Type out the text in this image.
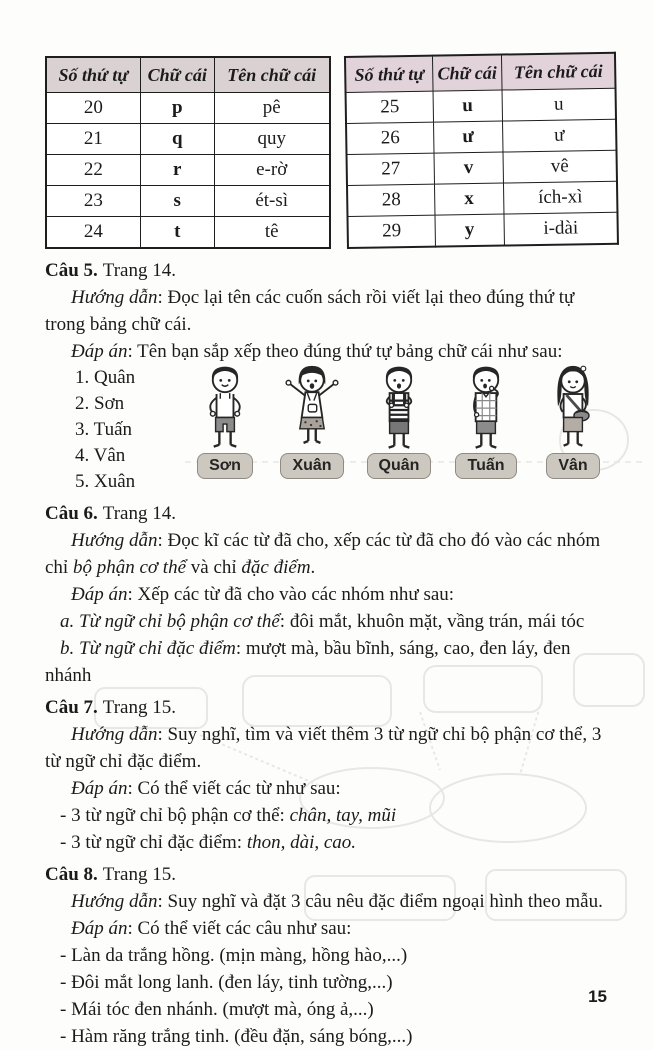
Số thứ tự	Chữ cái	Tên chữ cái
20	p	pê
21	q	quy
22	r	e-rờ
23	s	ét-sì
24	t	tê
Số thứ tự	Chữ cái	Tên chữ cái
25	u	u
26	ư	ư
27	v	vê
28	x	ích-xì
29	y	i-dài

Câu 5. Trang 14.

Hướng dẫn: Đọc lại tên các cuốn sách rồi viết lại theo đúng thứ tự trong bảng chữ cái.

Đáp án: Tên bạn sắp xếp theo đúng thứ tự bảng chữ cái như sau:

1. Quân
2. Sơn
3. Tuấn
4. Vân
5. Xuân
Sơn	Xuân	Quân	Tuấn	Vân

Câu 6. Trang 14.

Hướng dẫn: Đọc kĩ các từ đã cho, xếp các từ đã cho đó vào các nhóm chỉ bộ phận cơ thể và chỉ đặc điểm.

Đáp án: Xếp các từ đã cho vào các nhóm như sau:

a. Từ ngữ chỉ bộ phận cơ thể: đôi mắt, khuôn mặt, vầng trán, mái tóc

b. Từ ngữ chỉ đặc điểm: mượt mà, bầu bĩnh, sáng, cao, đen láy, đen nhánh

Câu 7. Trang 15.

Hướng dẫn: Suy nghĩ, tìm và viết thêm 3 từ ngữ chỉ bộ phận cơ thể, 3 từ ngữ chỉ đặc điểm.

Đáp án: Có thể viết các từ như sau:

- 3 từ ngữ chỉ bộ phận cơ thể: chân, tay, mũi

- 3 từ ngữ chỉ đặc điểm: thon, dài, cao.

Câu 8. Trang 15.

Hướng dẫn: Suy nghĩ và đặt 3 câu nêu đặc điểm ngoại hình theo mẫu.

Đáp án: Có thể viết các câu như sau:

- Làn da trắng hồng. (mịn màng, hồng hào,...)

- Đôi mắt long lanh. (đen láy, tinh tường,...)

- Mái tóc đen nhánh. (mượt mà, óng ả,...)

- Hàm răng trắng tinh. (đều đặn, sáng bóng,...)

15
